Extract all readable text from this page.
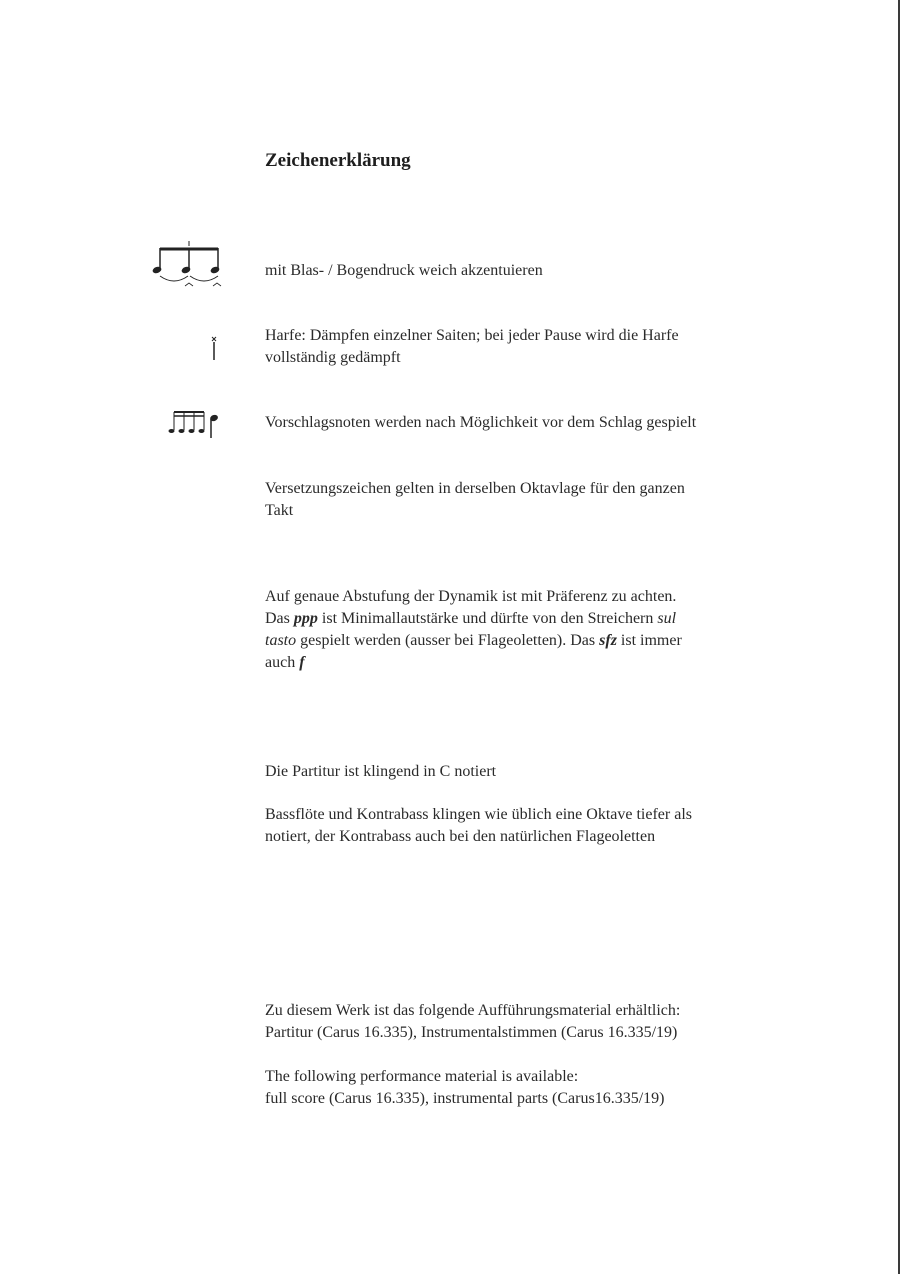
Zeichenerklärung
mit Blas- / Bogendruck weich akzentuieren
Harfe: Dämpfen einzelner Saiten; bei jeder Pause wird die Harfe
vollständig gedämpft
Vorschlagsnoten werden nach Möglichkeit vor dem Schlag gespielt
Versetzungszeichen gelten in derselben Oktavlage für den ganzen
Takt
Auf genaue Abstufung der Dynamik ist mit Präferenz zu achten.
Das ppp ist Minimallautstärke und dürfte von den Streichern sul
tasto gespielt werden (ausser bei Flageoletten). Das sfz ist immer
auch f
Die Partitur ist klingend in C notiert
Bassflöte und Kontrabass klingen wie üblich eine Oktave tiefer als
notiert, der Kontrabass auch bei den natürlichen Flageoletten
Zu diesem Werk ist das folgende Aufführungsmaterial erhältlich:
Partitur (Carus 16.335), Instrumentalstimmen (Carus 16.335/19)
The following performance material is available:
full score (Carus 16.335), instrumental parts (Carus16.335/19)
